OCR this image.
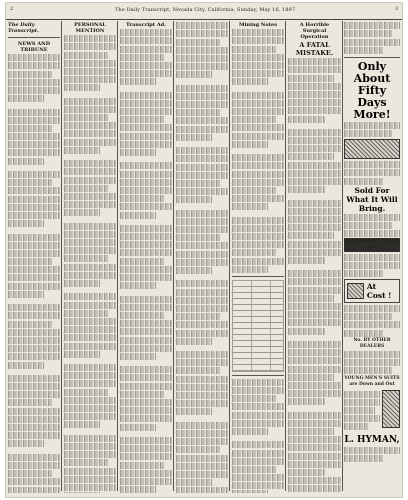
2	The Daily Transcript, Nevada City, California, Sunday, May 16, 1897.	3
The Daily Transcript.
NEWS AND TRIBUNE
PERSONAL MENTION
Transcript Ad.	Mining Notes	A Horrible Surgical Operation
A FATAL MISTAKE.
Only About Fifty Days More!
Sold For What It Will Bring.
THE SHERIFF AFTER ME.
At Cost !
No. BY OTHER DEALERS
YOUNG MEN'S SUITS are Down and Out
L. HYMAN,
